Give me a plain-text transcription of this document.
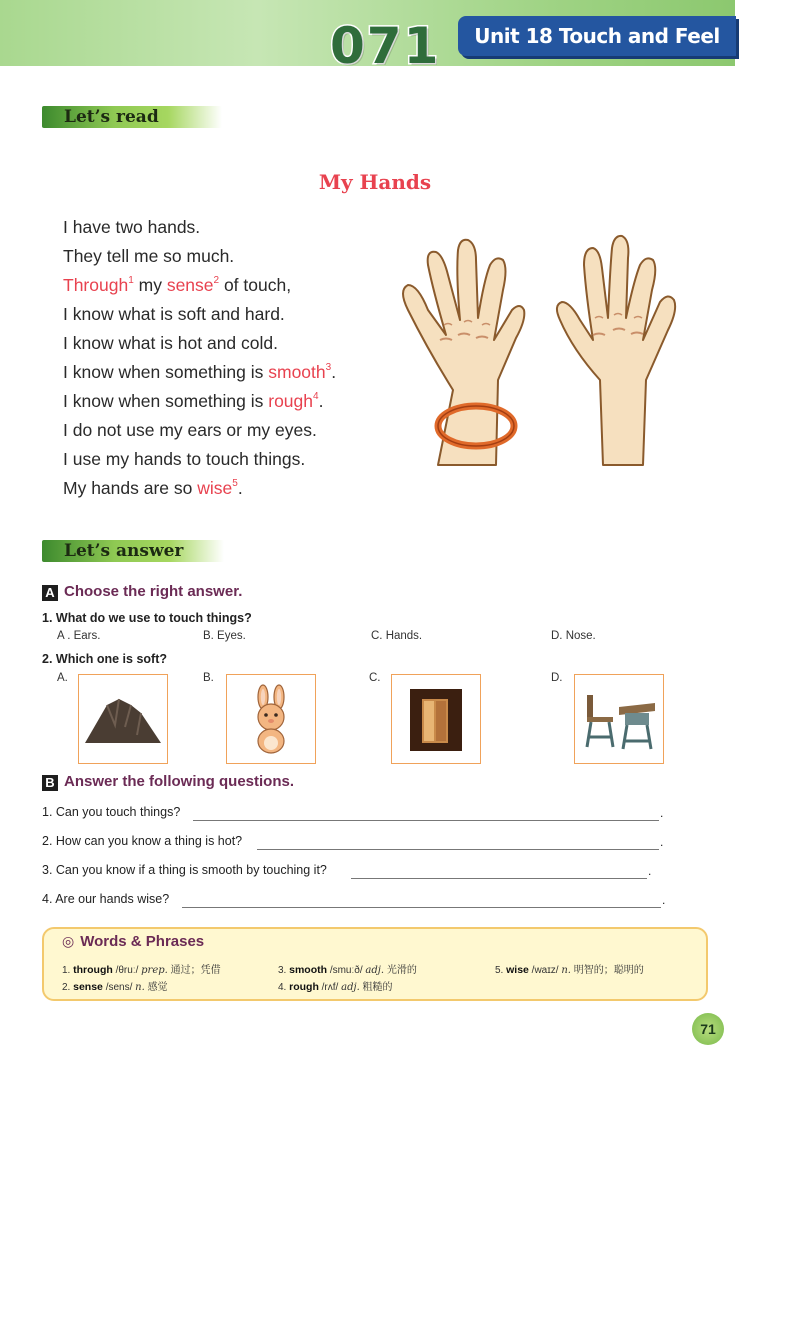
071	Unit 18 Touch and Feel
Let’s read
My Hands
I have two hands.
They tell me so much.
Through$^1$ my sense$^2$ of touch,
I know what is soft and hard.
I know what is hot and cold.
I know when something is smooth$^3$.
I know when something is rough$^4$.
I do not use my ears or my eyes.
I use my hands to touch things.
My hands are so wise$^5$.
Let’s answer
A Choose the right answer.
1. What do we use to touch things?
A . Ears.	B. Eyes.	C. Hands.	D. Nose.
2. Which one is soft?
A.	B.	C.	D.
B Answer the following questions.
1. Can you touch things?	.
2. How can you know a thing is hot?	.
3. Can you know if a thing is smooth by touching it?	.
4. Are our hands wise?	.
◎ Words & Phrases
1. through /θruː/ prep. 通过；凭借
2. sense /sens/ n. 感觉
3. smooth /smuːð/ adj. 光滑的
4. rough /rʌf/ adj. 粗糙的
5. wise /waɪz/ n. 明智的；聪明的
71
